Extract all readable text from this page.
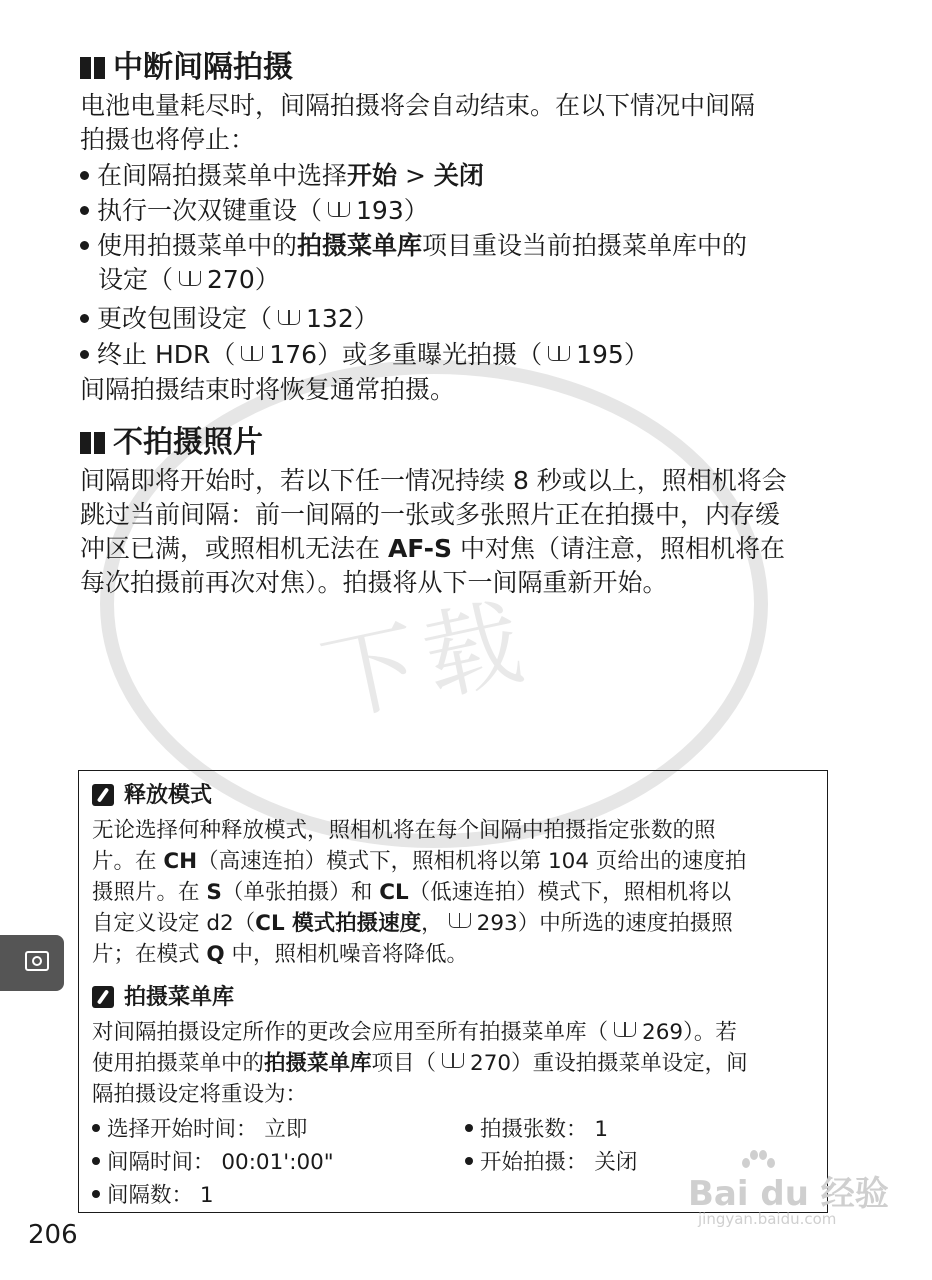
下载
中断间隔拍摄
电池电量耗尽时，间隔拍摄将会自动结束。在以下情况中间隔
拍摄也将停止：
在间隔拍摄菜单中选择开始 > 关闭
执行一次双键重设（ 193）
使用拍摄菜单中的拍摄菜单库项目重设当前拍摄菜单库中的
设定（ 270）
更改包围设定（ 132）
终止 HDR（ 176）或多重曝光拍摄（ 195）
间隔拍摄结束时将恢复通常拍摄。
不拍摄照片
间隔即将开始时，若以下任一情况持续 8 秒或以上，照相机将会
跳过当前间隔：前一间隔的一张或多张照片正在拍摄中，内存缓
冲区已满，或照相机无法在 AF-S 中对焦（请注意，照相机将在
每次拍摄前再次对焦）。拍摄将从下一间隔重新开始。
释放模式
无论选择何种释放模式，照相机将在每个间隔中拍摄指定张数的照
片。在 CH（高速连拍）模式下，照相机将以第 104 页给出的速度拍
摄照片。在 S（单张拍摄）和 CL（低速连拍）模式下，照相机将以
自定义设定 d2（CL 模式拍摄速度， 293）中所选的速度拍摄照
片；在模式 Q 中，照相机噪音将降低。
拍摄菜单库
对间隔拍摄设定所作的更改会应用至所有拍摄菜单库（ 269）。若
使用拍摄菜单中的拍摄菜单库项目（ 270）重设拍摄菜单设定，间
隔拍摄设定将重设为：
选择开始时间： 立即	拍摄张数： 1
间隔时间： 00:01':00"	开始拍摄： 关闭
间隔数： 1	Bai du 经验
jingyan.baidu.com
206
